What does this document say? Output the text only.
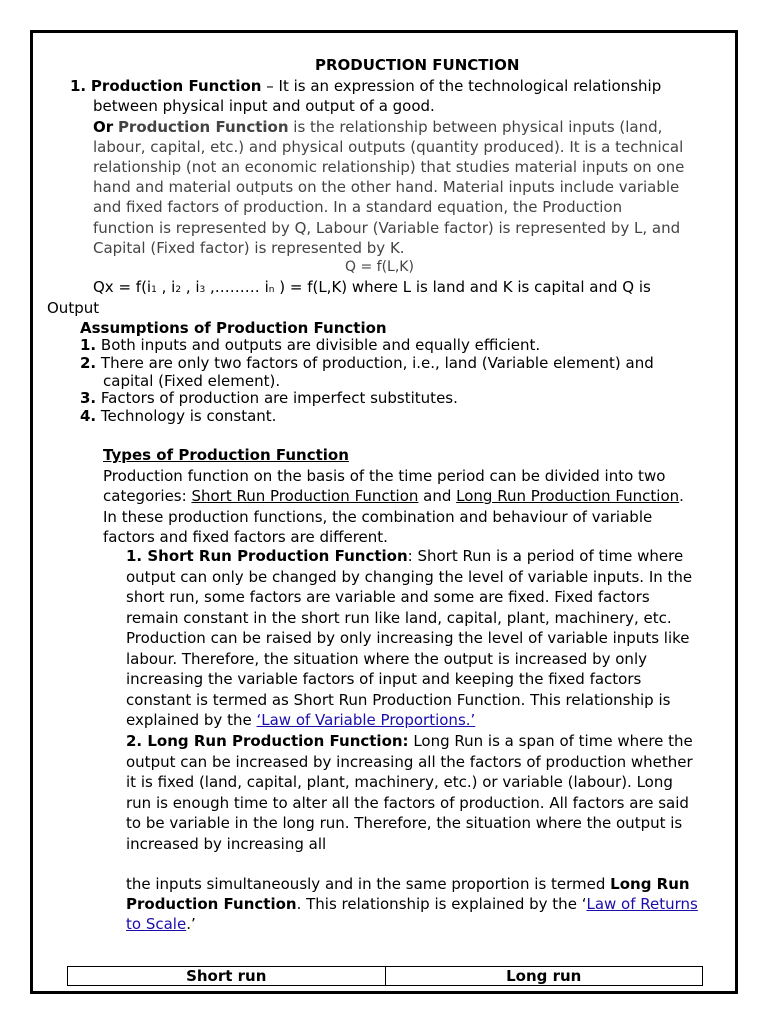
PRODUCTION FUNCTION
1. Production Function – It is an expression of the technological relationship
between physical input and output of a good.
Or Production Function is the relationship between physical inputs (land,
labour, capital, etc.) and physical outputs (quantity produced). It is a technical
relationship (not an economic relationship) that studies material inputs on one
hand and material outputs on the other hand. Material inputs include variable
and fixed factors of production. In a standard equation, the Production
function is represented by Q, Labour (Variable factor) is represented by L, and
Capital (Fixed factor) is represented by K.
Q = f(L,K)
Qx = f(i1 , i2 , i3 ,……… in ) = f(L,K) where L is land and K is capital and Q is
Output
Assumptions of Production Function
1. Both inputs and outputs are divisible and equally efficient.
2. There are only two factors of production, i.e., land (Variable element) and
capital (Fixed element).
3. Factors of production are imperfect substitutes.
4. Technology is constant.
Types of Production Function
Production function on the basis of the time period can be divided into two
categories: Short Run Production Function and Long Run Production Function.
In these production functions, the combination and behaviour of variable
factors and fixed factors are different.
1. Short Run Production Function: Short Run is a period of time where
output can only be changed by changing the level of variable inputs. In the
short run, some factors are variable and some are fixed. Fixed factors
remain constant in the short run like land, capital, plant, machinery, etc.
Production can be raised by only increasing the level of variable inputs like
labour. Therefore, the situation where the output is increased by only
increasing the variable factors of input and keeping the fixed factors
constant is termed as Short Run Production Function. This relationship is
explained by the ‘Law of Variable Proportions.’
2. Long Run Production Function: Long Run is a span of time where the
output can be increased by increasing all the factors of production whether
it is fixed (land, capital, plant, machinery, etc.) or variable (labour). Long
run is enough time to alter all the factors of production. All factors are said
to be variable in the long run. Therefore, the situation where the output is
increased by increasing all
the inputs simultaneously and in the same proportion is termed Long Run
Production Function. This relationship is explained by the ‘Law of Returns
to Scale.’
Short run	Long run
